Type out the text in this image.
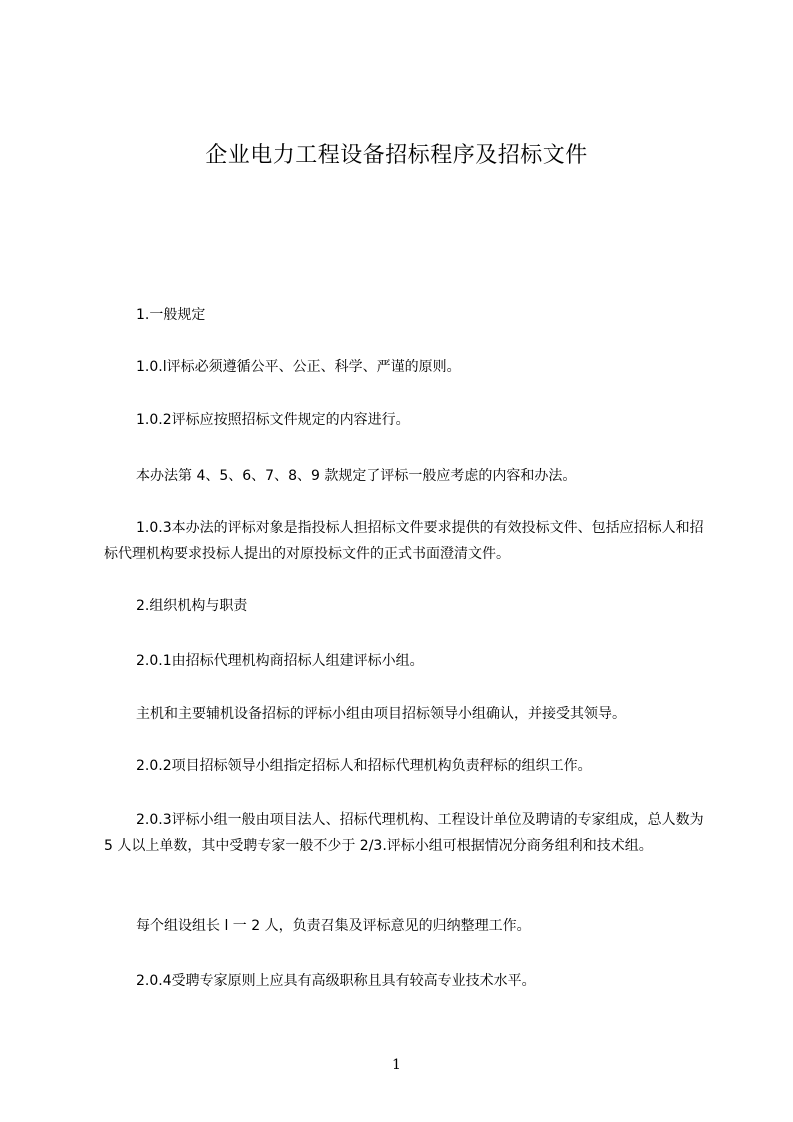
企业电力工程设备招标程序及招标文件

1.一般规定

1.0.l评标必须遵循公平、公正、科学、严谨的原则。

1.0.2评标应按照招标文件规定的内容进行。

本办法第 4、5、6、7、8、9 款规定了评标一般应考虑的内容和办法。

1.0.3本办法的评标对象是指投标人担招标文件要求提供的有效投标文件、包括应招标人和招标代理机构要求投标人提出的对原投标文件的正式书面澄清文件。

2.组织机构与职责

2.0.1由招标代理机构商招标人组建评标小组。

主机和主要辅机设备招标的评标小组由项目招标领导小组确认，并接受其领导。

2.0.2项目招标领导小组指定招标人和招标代理机构负责秤标的组织工作。

2.0.3评标小组一般由项目法人、招标代理机构、工程设计单位及聘请的专家组成，总人数为 5 人以上单数，其中受聘专家一般不少于 2/3.评标小组可根据情况分商务组利和技术组。

每个组设组长 l 一 2 人，负责召集及评标意见的归纳整理工作。

2.0.4受聘专家原则上应具有高级职称且具有较高专业技术水平。

1
